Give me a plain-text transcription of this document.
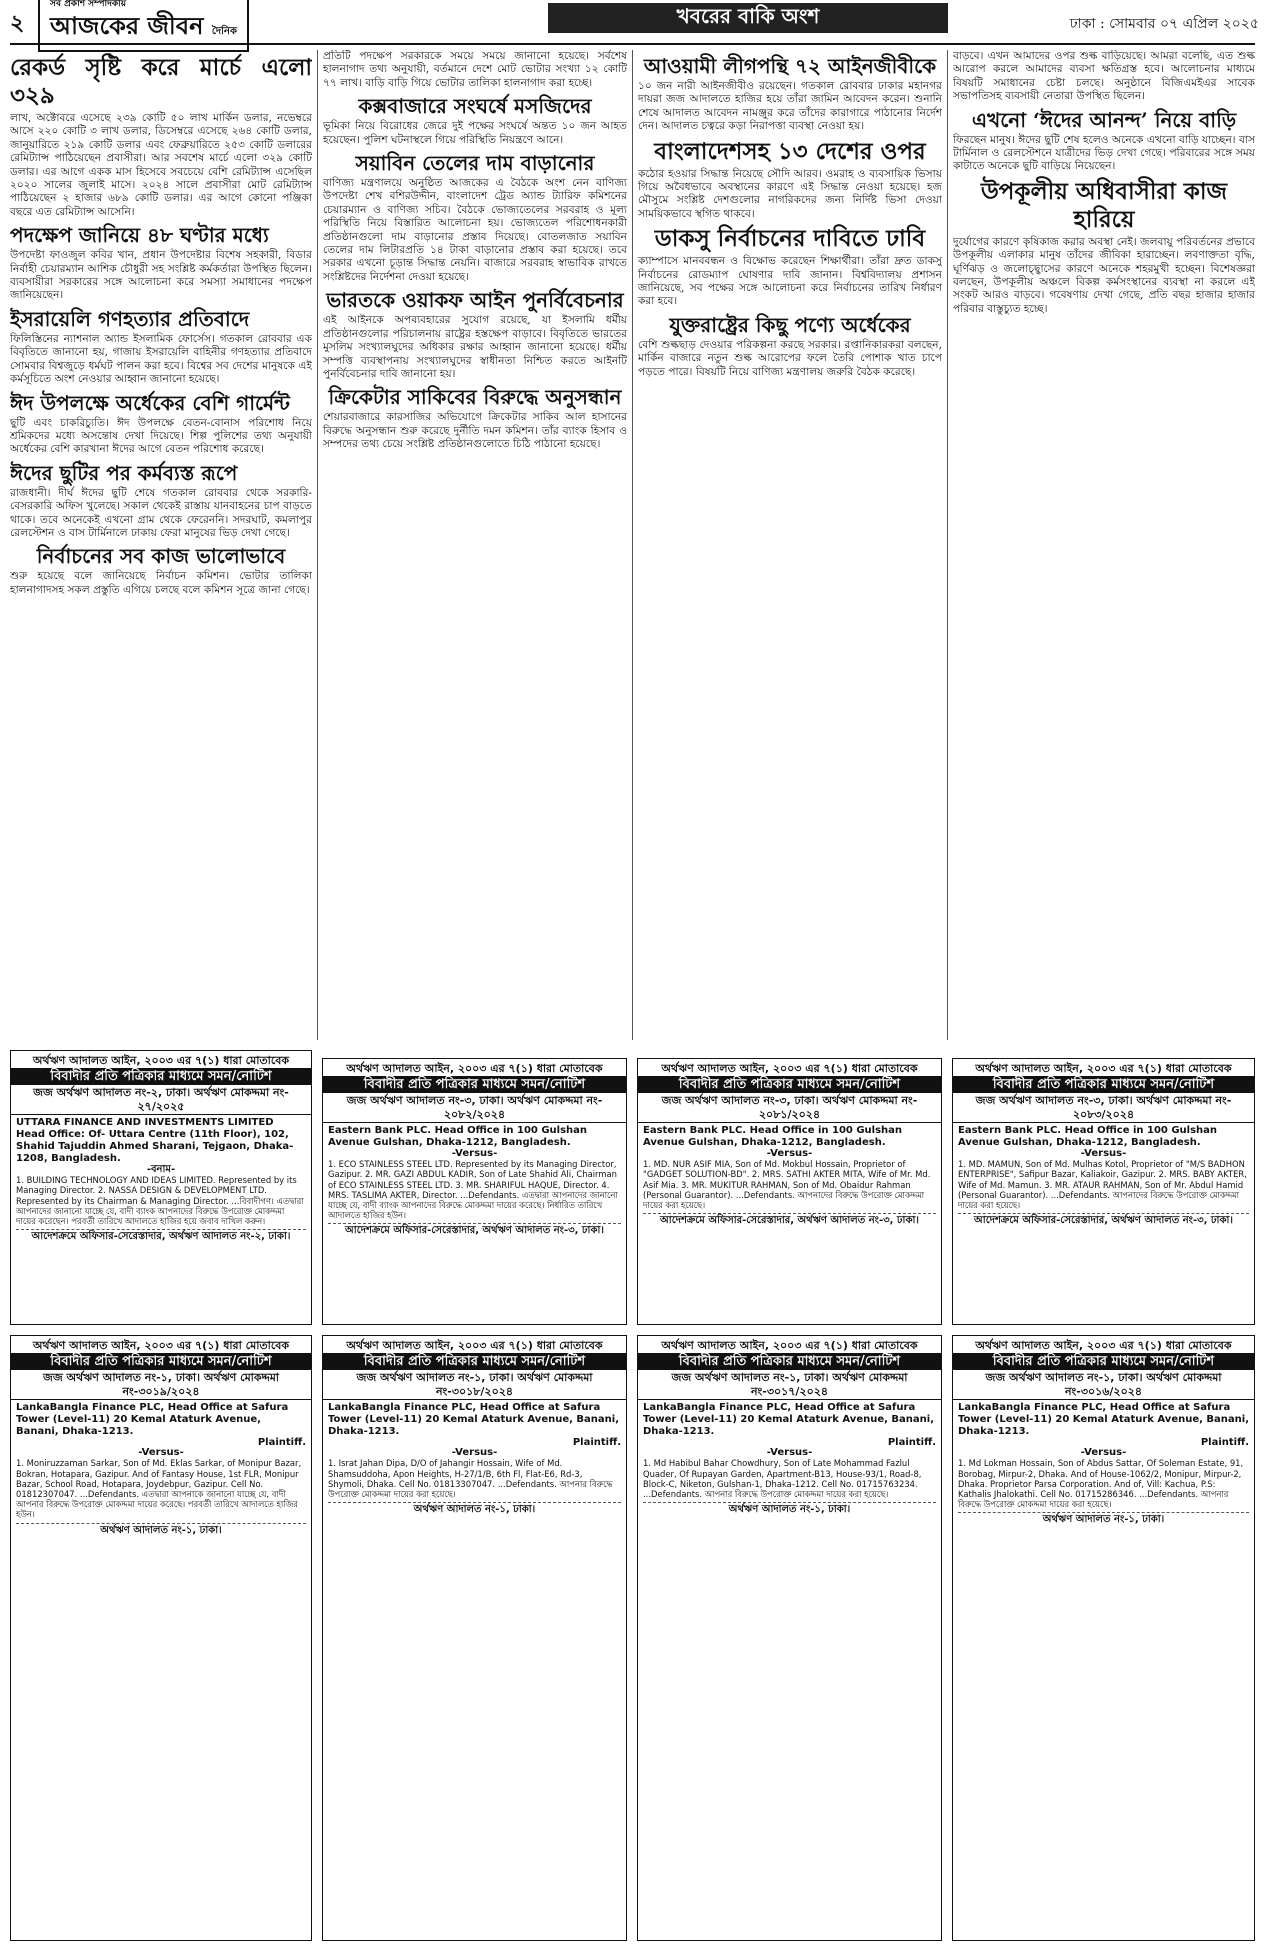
২
সব প্রকাশ সম্পাদকীয়
আজকের জীবন দৈনিক
খবরের বাকি অংশ	ঢাকা : সোমবার ০৭ এপ্রিল ২০২৫
রেকর্ড সৃষ্টি করে মার্চে এলো ৩২৯

লাখ, অক্টোবরে এসেছে ২৩৯ কোটি ৫০ লাখ মার্কিন ডলার, নভেম্বরে আসে ২২০ কোটি ৩ লাখ ডলার, ডিসেম্বরে এসেছে ২৬৪ কোটি ডলার, জানুয়ারিতে ২১৯ কোটি ডলার এবং ফেব্রুয়ারিতে ২৫৩ কোটি ডলারের রেমিট্যান্স পাঠিয়েছেন প্রবাসীরা। আর সবশেষ মার্চে এলো ৩২৯ কোটি ডলার। এর আগে একক মাস হিসেবে সবচেয়ে বেশি রেমিট্যান্স এসেছিল ২০২০ সালের জুলাই মাসে। ২০২৪ সালে প্রবাসীরা মোট রেমিট্যান্স পাঠিয়েছেন ২ হাজার ৬৮৯ কোটি ডলার। এর আগে কোনো পঞ্জিকা বছরে এত রেমিট্যান্স আসেনি।

পদক্ষেপ জানিয়ে ৪৮ ঘণ্টার মধ্যে

উপদেষ্টা ফাওজুল কবির খান, প্রধান উপদেষ্টার বিশেষ সহকারী, বিডার নির্বাহী চেয়ারম্যান আশিক চৌধুরী সহ সংশ্লিষ্ট কর্মকর্তারা উপস্থিত ছিলেন। ব্যবসায়ীরা সরকারের সঙ্গে আলোচনা করে সমস্যা সমাধানের পদক্ষেপ জানিয়েছেন।

ইসরায়েলি গণহত্যার প্রতিবাদে

ফিলিস্তিনের ন্যাশনাল অ্যান্ড ইসলামিক ফোর্সেস। গতকাল রোববার এক বিবৃতিতে জানানো হয়, গাজায় ইসরায়েলি বাহিনীর গণহত্যার প্রতিবাদে সোমবার বিশ্বজুড়ে ধর্মঘট পালন করা হবে। বিশ্বের সব দেশের মানুষকে এই কর্মসূচিতে অংশ নেওয়ার আহ্বান জানানো হয়েছে।

ঈদ উপলক্ষে অর্ধেকের বেশি গার্মেন্ট

ছুটি এবং চাকরিচ্যুতি। ঈদ উপলক্ষে বেতন-বোনাস পরিশোধ নিয়ে শ্রমিকদের মধ্যে অসন্তোষ দেখা দিয়েছে। শিল্প পুলিশের তথ্য অনুযায়ী অর্ধেকের বেশি কারখানা ঈদের আগে বেতন পরিশোধ করেছে।

ঈদের ছুটির পর কর্মব্যস্ত রূপে

রাজধানী। দীর্ঘ ঈদের ছুটি শেষে গতকাল রোববার থেকে সরকারি-বেসরকারি অফিস খুলেছে। সকাল থেকেই রাস্তায় যানবাহনের চাপ বাড়তে থাকে। তবে অনেকেই এখনো গ্রাম থেকে ফেরেননি। সদরঘাট, কমলাপুর রেলস্টেশন ও বাস টার্মিনালে ঢাকায় ফেরা মানুষের ভিড় দেখা গেছে।

নির্বাচনের সব কাজ ভালোভাবে

শুরু হয়েছে বলে জানিয়েছে নির্বাচন কমিশন। ভোটার তালিকা হালনাগাদসহ সকল প্রস্তুতি এগিয়ে চলছে বলে কমিশন সূত্রে জানা গেছে।

প্রতিটি পদক্ষেপ সরকারকে সময়ে সময়ে জানানো হয়েছে। সর্বশেষ হালনাগাদ তথ্য অনুযায়ী, বর্তমানে দেশে মোট ভোটার সংখ্যা ১২ কোটি ৭৭ লাখ। বাড়ি বাড়ি গিয়ে ভোটার তালিকা হালনাগাদ করা হচ্ছে।

কক্সবাজারে সংঘর্ষে মসজিদের

ভূমিকা নিয়ে বিরোধের জেরে দুই পক্ষের সংঘর্ষে অন্তত ১০ জন আহত হয়েছেন। পুলিশ ঘটনাস্থলে গিয়ে পরিস্থিতি নিয়ন্ত্রণে আনে।

সয়াবিন তেলের দাম বাড়ানোর

বাণিজ্য মন্ত্রণালয়ে অনুষ্ঠিত আজকের এ বৈঠকে অংশ নেন বাণিজ্য উপদেষ্টা শেখ বশিরউদ্দীন, বাংলাদেশ ট্রেড অ্যান্ড ট্যারিফ কমিশনের চেয়ারম্যান ও বাণিজ্য সচিব। বৈঠকে ভোজ্যতেলের সরবরাহ ও মূল্য পরিস্থিতি নিয়ে বিস্তারিত আলোচনা হয়। ভোজ্যতেল পরিশোধনকারী প্রতিষ্ঠানগুলো দাম বাড়ানোর প্রস্তাব দিয়েছে। বোতলজাত সয়াবিন তেলের দাম লিটারপ্রতি ১৪ টাকা বাড়ানোর প্রস্তাব করা হয়েছে। তবে সরকার এখনো চূড়ান্ত সিদ্ধান্ত নেয়নি। বাজারে সরবরাহ স্বাভাবিক রাখতে সংশ্লিষ্টদের নির্দেশনা দেওয়া হয়েছে।

ভারতকে ওয়াকফ আইন পুনর্বিবেচনার

এই আইনকে অপব্যবহারের সুযোগ রয়েছে, যা ইসলামি ধর্মীয় প্রতিষ্ঠানগুলোর পরিচালনায় রাষ্ট্রের হস্তক্ষেপ বাড়াবে। বিবৃতিতে ভারতের মুসলিম সংখ্যালঘুদের অধিকার রক্ষার আহ্বান জানানো হয়েছে। ধর্মীয় সম্পত্তি ব্যবস্থাপনায় সংখ্যালঘুদের স্বাধীনতা নিশ্চিত করতে আইনটি পুনর্বিবেচনার দাবি জানানো হয়।

ক্রিকেটার সাকিবের বিরুদ্ধে অনুসন্ধান

শেয়ারবাজারে কারসাজির অভিযোগে ক্রিকেটার সাকিব আল হাসানের বিরুদ্ধে অনুসন্ধান শুরু করেছে দুর্নীতি দমন কমিশন। তাঁর ব্যাংক হিসাব ও সম্পদের তথ্য চেয়ে সংশ্লিষ্ট প্রতিষ্ঠানগুলোতে চিঠি পাঠানো হয়েছে।

আওয়ামী লীগপন্থি ৭২ আইনজীবীকে

১০ জন নারী আইনজীবীও রয়েছেন। গতকাল রোববার ঢাকার মহানগর দায়রা জজ আদালতে হাজির হয়ে তাঁরা জামিন আবেদন করেন। শুনানি শেষে আদালত আবেদন নামঞ্জুর করে তাঁদের কারাগারে পাঠানোর নির্দেশ দেন। আদালত চত্বরে কড়া নিরাপত্তা ব্যবস্থা নেওয়া হয়।

বাংলাদেশসহ ১৩ দেশের ওপর

কঠোর হওয়ার সিদ্ধান্ত নিয়েছে সৌদি আরব। ওমরাহ ও ব্যবসায়িক ভিসায় গিয়ে অবৈধভাবে অবস্থানের কারণে এই সিদ্ধান্ত নেওয়া হয়েছে। হজ মৌসুমে সংশ্লিষ্ট দেশগুলোর নাগরিকদের জন্য নির্দিষ্ট ভিসা দেওয়া সাময়িকভাবে স্থগিত থাকবে।

ডাকসু নির্বাচনের দাবিতে ঢাবি

ক্যাম্পাসে মানববন্ধন ও বিক্ষোভ করেছেন শিক্ষার্থীরা। তাঁরা দ্রুত ডাকসু নির্বাচনের রোডম্যাপ ঘোষণার দাবি জানান। বিশ্ববিদ্যালয় প্রশাসন জানিয়েছে, সব পক্ষের সঙ্গে আলোচনা করে নির্বাচনের তারিখ নির্ধারণ করা হবে।

যুক্তরাষ্ট্রের কিছু পণ্যে অর্ধেকের

বেশি শুল্কছাড় দেওয়ার পরিকল্পনা করছে সরকার। রপ্তানিকারকরা বলছেন, মার্কিন বাজারে নতুন শুল্ক আরোপের ফলে তৈরি পোশাক খাত চাপে পড়তে পারে। বিষয়টি নিয়ে বাণিজ্য মন্ত্রণালয় জরুরি বৈঠক করেছে।

বাড়বে। এখন আমাদের ওপর শুল্ক বাড়িয়েছে। আমরা বলেছি, এত শুল্ক আরোপ করলে আমাদের ব্যবসা ক্ষতিগ্রস্ত হবে। আলোচনার মাধ্যমে বিষয়টি সমাধানের চেষ্টা চলছে। অনুষ্ঠানে বিজিএমইএর সাবেক সভাপতিসহ ব্যবসায়ী নেতারা উপস্থিত ছিলেন।

এখনো ‘ঈদের আনন্দ’ নিয়ে বাড়ি

ফিরছেন মানুষ। ঈদের ছুটি শেষ হলেও অনেকে এখনো বাড়ি যাচ্ছেন। বাস টার্মিনাল ও রেলস্টেশনে যাত্রীদের ভিড় দেখা গেছে। পরিবারের সঙ্গে সময় কাটাতে অনেকে ছুটি বাড়িয়ে নিয়েছেন।

উপকূলীয় অধিবাসীরা কাজ হারিয়ে

দুর্যোগের কারণে কৃষিকাজ করার অবস্থা নেই। জলবায়ু পরিবর্তনের প্রভাবে উপকূলীয় এলাকার মানুষ তাঁদের জীবিকা হারাচ্ছেন। লবণাক্ততা বৃদ্ধি, ঘূর্ণিঝড় ও জলোচ্ছ্বাসের কারণে অনেকে শহরমুখী হচ্ছেন। বিশেষজ্ঞরা বলছেন, উপকূলীয় অঞ্চলে বিকল্প কর্মসংস্থানের ব্যবস্থা না করলে এই সংকট আরও বাড়বে। গবেষণায় দেখা গেছে, প্রতি বছর হাজার হাজার পরিবার বাস্তুচ্যুত হচ্ছে।

অর্থঋণ আদালত আইন, ২০০৩ এর ৭(১) ধারা মোতাবেক
বিবাদীর প্রতি পত্রিকার মাধ্যমে সমন/নোটিশ
জজ অর্থঋণ আদালত নং-২, ঢাকা। অর্থঋণ মোকদ্দমা নং- ২৭/২০২৫
UTTARA FINANCE AND INVESTMENTS LIMITED Head Office: Of- Uttara Centre (11th Floor), 102, Shahid Tajuddin Ahmed Sharani, Tejgaon, Dhaka- 1208, Bangladesh.
-বনাম-
1. BUILDING TECHNOLOGY AND IDEAS LIMITED. Represented by its Managing Director. 2. NASSA DESIGN & DEVELOPMENT LTD. Represented by its Chairman & Managing Director. ...বিবাদীগণ। এতদ্বারা আপনাদের জানানো যাচ্ছে যে, বাদী ব্যাংক আপনাদের বিরুদ্ধে উপরোক্ত মোকদ্দমা দায়ের করেছেন। পরবর্তী তারিখে আদালতে হাজির হয়ে জবাব দাখিল করুন।
আদেশক্রমে অফিসার-সেরেস্তাদার, অর্থঋণ আদালত নং-২, ঢাকা।
অর্থঋণ আদালত আইন, ২০০৩ এর ৭(১) ধারা মোতাবেক
বিবাদীর প্রতি পত্রিকার মাধ্যমে সমন/নোটিশ
জজ অর্থঋণ আদালত নং-৩, ঢাকা। অর্থঋণ মোকদ্দমা নং- ২০৮২/২০২৪
Eastern Bank PLC. Head Office in 100 Gulshan Avenue Gulshan, Dhaka-1212, Bangladesh.
-Versus-
1. ECO STAINLESS STEEL LTD. Represented by its Managing Director, Gazipur. 2. MR. GAZI ABDUL KADIR, Son of Late Shahid Ali, Chairman of ECO STAINLESS STEEL LTD. 3. MR. SHARIFUL HAQUE, Director. 4. MRS. TASLIMA AKTER, Director. ...Defendants. এতদ্বারা আপনাদের জানানো যাচ্ছে যে, বাদী ব্যাংক আপনাদের বিরুদ্ধে মোকদ্দমা দায়ের করেছে। নির্ধারিত তারিখে আদালতে হাজির হউন।
আদেশক্রমে অফিসার-সেরেস্তাদার, অর্থঋণ আদালত নং-৩, ঢাকা।
অর্থঋণ আদালত আইন, ২০০৩ এর ৭(১) ধারা মোতাবেক
বিবাদীর প্রতি পত্রিকার মাধ্যমে সমন/নোটিশ
জজ অর্থঋণ আদালত নং-৩, ঢাকা। অর্থঋণ মোকদ্দমা নং- ২০৮১/২০২৪
Eastern Bank PLC. Head Office in 100 Gulshan Avenue Gulshan, Dhaka-1212, Bangladesh.
-Versus-
1. MD. NUR ASIF MIA, Son of Md. Mokbul Hossain, Proprietor of "GADGET SOLUTION-BD". 2. MRS. SATHI AKTER MITA, Wife of Mr. Md. Asif Mia. 3. MR. MUKITUR RAHMAN, Son of Md. Obaidur Rahman (Personal Guarantor). ...Defendants. আপনাদের বিরুদ্ধে উপরোক্ত মোকদ্দমা দায়ের করা হয়েছে।
আদেশক্রমে অফিসার-সেরেস্তাদার, অর্থঋণ আদালত নং-৩, ঢাকা।
অর্থঋণ আদালত আইন, ২০০৩ এর ৭(১) ধারা মোতাবেক
বিবাদীর প্রতি পত্রিকার মাধ্যমে সমন/নোটিশ
জজ অর্থঋণ আদালত নং-৩, ঢাকা। অর্থঋণ মোকদ্দমা নং- ২০৮৩/২০২৪
Eastern Bank PLC. Head Office in 100 Gulshan Avenue Gulshan, Dhaka-1212, Bangladesh.
-Versus-
1. MD. MAMUN, Son of Md. Mulhas Kotol, Proprietor of "M/S BADHON ENTERPRISE", Safipur Bazar, Kaliakoir, Gazipur. 2. MRS. BABY AKTER, Wife of Md. Mamun. 3. MR. ATAUR RAHMAN, Son of Mr. Abdul Hamid (Personal Guarantor). ...Defendants. আপনাদের বিরুদ্ধে উপরোক্ত মোকদ্দমা দায়ের করা হয়েছে।
আদেশক্রমে অফিসার-সেরেস্তাদার, অর্থঋণ আদালত নং-৩, ঢাকা।
অর্থঋণ আদালত আইন, ২০০৩ এর ৭(১) ধারা মোতাবেক
বিবাদীর প্রতি পত্রিকার মাধ্যমে সমন/নোটিশ
জজ অর্থঋণ আদালত নং-১, ঢাকা। অর্থঋণ মোকদ্দমা নং-৩০১৯/২০২৪
LankaBangla Finance PLC, Head Office at Safura Tower (Level-11) 20 Kemal Ataturk Avenue, Banani, Dhaka-1213.
Plaintiff.
-Versus-
1. Moniruzzaman Sarkar, Son of Md. Eklas Sarkar, of Monipur Bazar, Bokran, Hotapara, Gazipur. And of Fantasy House, 1st FLR, Monipur Bazar, School Road, Hotapara, Joydebpur, Gazipur. Cell No. 01812307047. ...Defendants. এতদ্বারা আপনাকে জানানো যাচ্ছে যে, বাদী আপনার বিরুদ্ধে উপরোক্ত মোকদ্দমা দায়ের করেছে। পরবর্তী তারিখে আদালতে হাজির হউন।
অর্থঋণ আদালত নং-১, ঢাকা।
অর্থঋণ আদালত আইন, ২০০৩ এর ৭(১) ধারা মোতাবেক
বিবাদীর প্রতি পত্রিকার মাধ্যমে সমন/নোটিশ
জজ অর্থঋণ আদালত নং-১, ঢাকা। অর্থঋণ মোকদ্দমা নং-৩০১৮/২০২৪
LankaBangla Finance PLC, Head Office at Safura Tower (Level-11) 20 Kemal Ataturk Avenue, Banani, Dhaka-1213.
Plaintiff.
-Versus-
1. Israt Jahan Dipa, D/O of Jahangir Hossain, Wife of Md. Shamsuddoha, Apon Heights, H-27/1/B, 6th Fl, Flat-E6, Rd-3, Shymoli, Dhaka. Cell No. 01813307047. ...Defendants. আপনার বিরুদ্ধে উপরোক্ত মোকদ্দমা দায়ের করা হয়েছে।
অর্থঋণ আদালত নং-১, ঢাকা।
অর্থঋণ আদালত আইন, ২০০৩ এর ৭(১) ধারা মোতাবেক
বিবাদীর প্রতি পত্রিকার মাধ্যমে সমন/নোটিশ
জজ অর্থঋণ আদালত নং-১, ঢাকা। অর্থঋণ মোকদ্দমা নং-৩০১৭/২০২৪
LankaBangla Finance PLC, Head Office at Safura Tower (Level-11) 20 Kemal Ataturk Avenue, Banani, Dhaka-1213.
Plaintiff.
-Versus-
1. Md Habibul Bahar Chowdhury, Son of Late Mohammad Fazlul Quader, Of Rupayan Garden, Apartment-B13, House-93/1, Road-8, Block-C, Niketon, Gulshan-1, Dhaka-1212. Cell No. 01715763234. ...Defendants. আপনার বিরুদ্ধে উপরোক্ত মোকদ্দমা দায়ের করা হয়েছে।
অর্থঋণ আদালত নং-১, ঢাকা।
অর্থঋণ আদালত আইন, ২০০৩ এর ৭(১) ধারা মোতাবেক
বিবাদীর প্রতি পত্রিকার মাধ্যমে সমন/নোটিশ
জজ অর্থঋণ আদালত নং-১, ঢাকা। অর্থঋণ মোকদ্দমা নং-৩০১৬/২০২৪
LankaBangla Finance PLC, Head Office at Safura Tower (Level-11) 20 Kemal Ataturk Avenue, Banani, Dhaka-1213.
Plaintiff.
-Versus-
1. Md Lokman Hossain, Son of Abdus Sattar, Of Soleman Estate, 91, Borobag, Mirpur-2, Dhaka. And of House-1062/2, Monipur, Mirpur-2, Dhaka. Proprietor Parsa Corporation. And of, Vill: Kachua, P.S: Kathalis Jhalokathi. Cell No. 01715286346. ...Defendants. আপনার বিরুদ্ধে উপরোক্ত মোকদ্দমা দায়ের করা হয়েছে।
অর্থঋণ আদালত নং-১, ঢাকা।
